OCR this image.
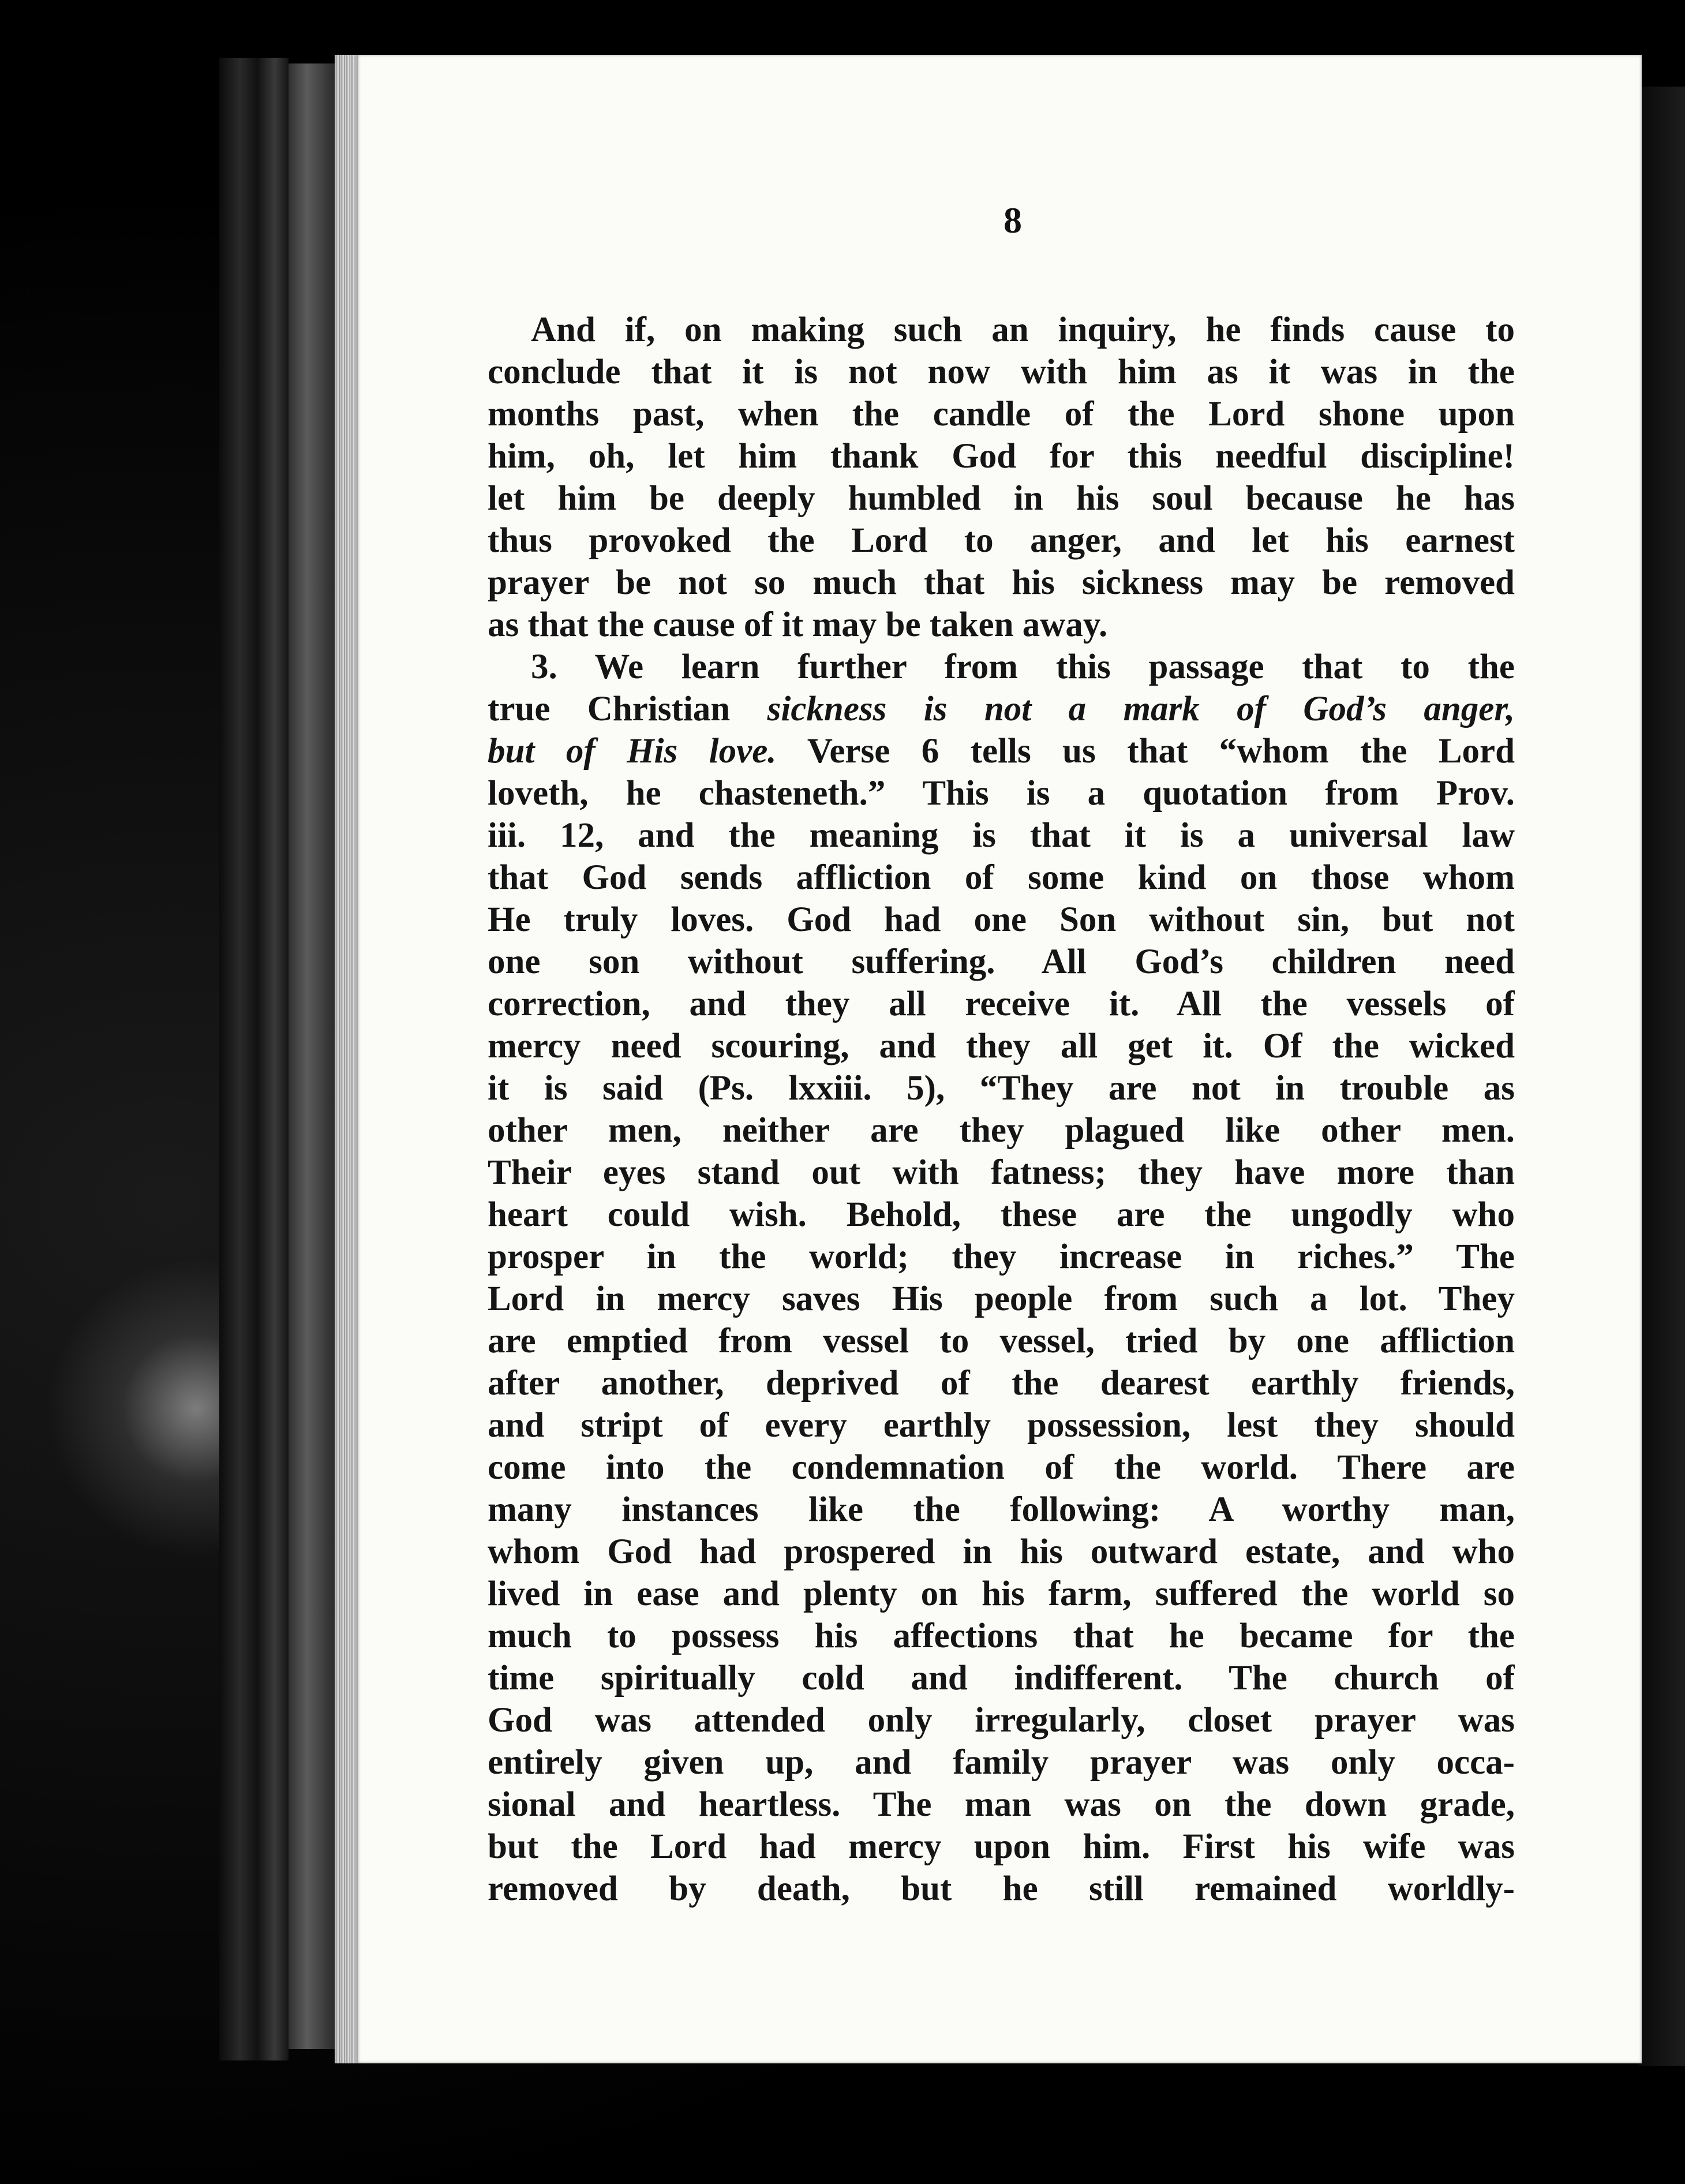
8
And if, on making such an inquiry, he finds cause to
conclude that it is not now with him as it was in the
months past, when the candle of the Lord shone upon
him, oh, let him thank God for this needful discipline!
let him be deeply humbled in his soul because he has
thus provoked the Lord to anger, and let his earnest
prayer be not so much that his sickness may be removed
as that the cause of it may be taken away.
3. We learn further from this passage that to the
true Christian sickness is not a mark of God’s anger,
but of His love. Verse 6 tells us that “whom the Lord
loveth, he chasteneth.” This is a quotation from Prov.
iii. 12, and the meaning is that it is a universal law
that God sends affliction of some kind on those whom
He truly loves. God had one Son without sin, but not
one son without suffering. All God’s children need
correction, and they all receive it. All the vessels of
mercy need scouring, and they all get it. Of the wicked
it is said (Ps. lxxiii. 5), “They are not in trouble as
other men, neither are they plagued like other men.
Their eyes stand out with fatness; they have more than
heart could wish. Behold, these are the ungodly who
prosper in the world; they increase in riches.” The
Lord in mercy saves His people from such a lot. They
are emptied from vessel to vessel, tried by one affliction
after another, deprived of the dearest earthly friends,
and stript of every earthly possession, lest they should
come into the condemnation of the world. There are
many instances like the following: A worthy man,
whom God had prospered in his outward estate, and who
lived in ease and plenty on his farm, suffered the world so
much to possess his affections that he became for the
time spiritually cold and indifferent. The church of
God was attended only irregularly, closet prayer was
entirely given up, and family prayer was only occa-
sional and heartless. The man was on the down grade,
but the Lord had mercy upon him. First his wife was
removed by death, but he still remained worldly-
